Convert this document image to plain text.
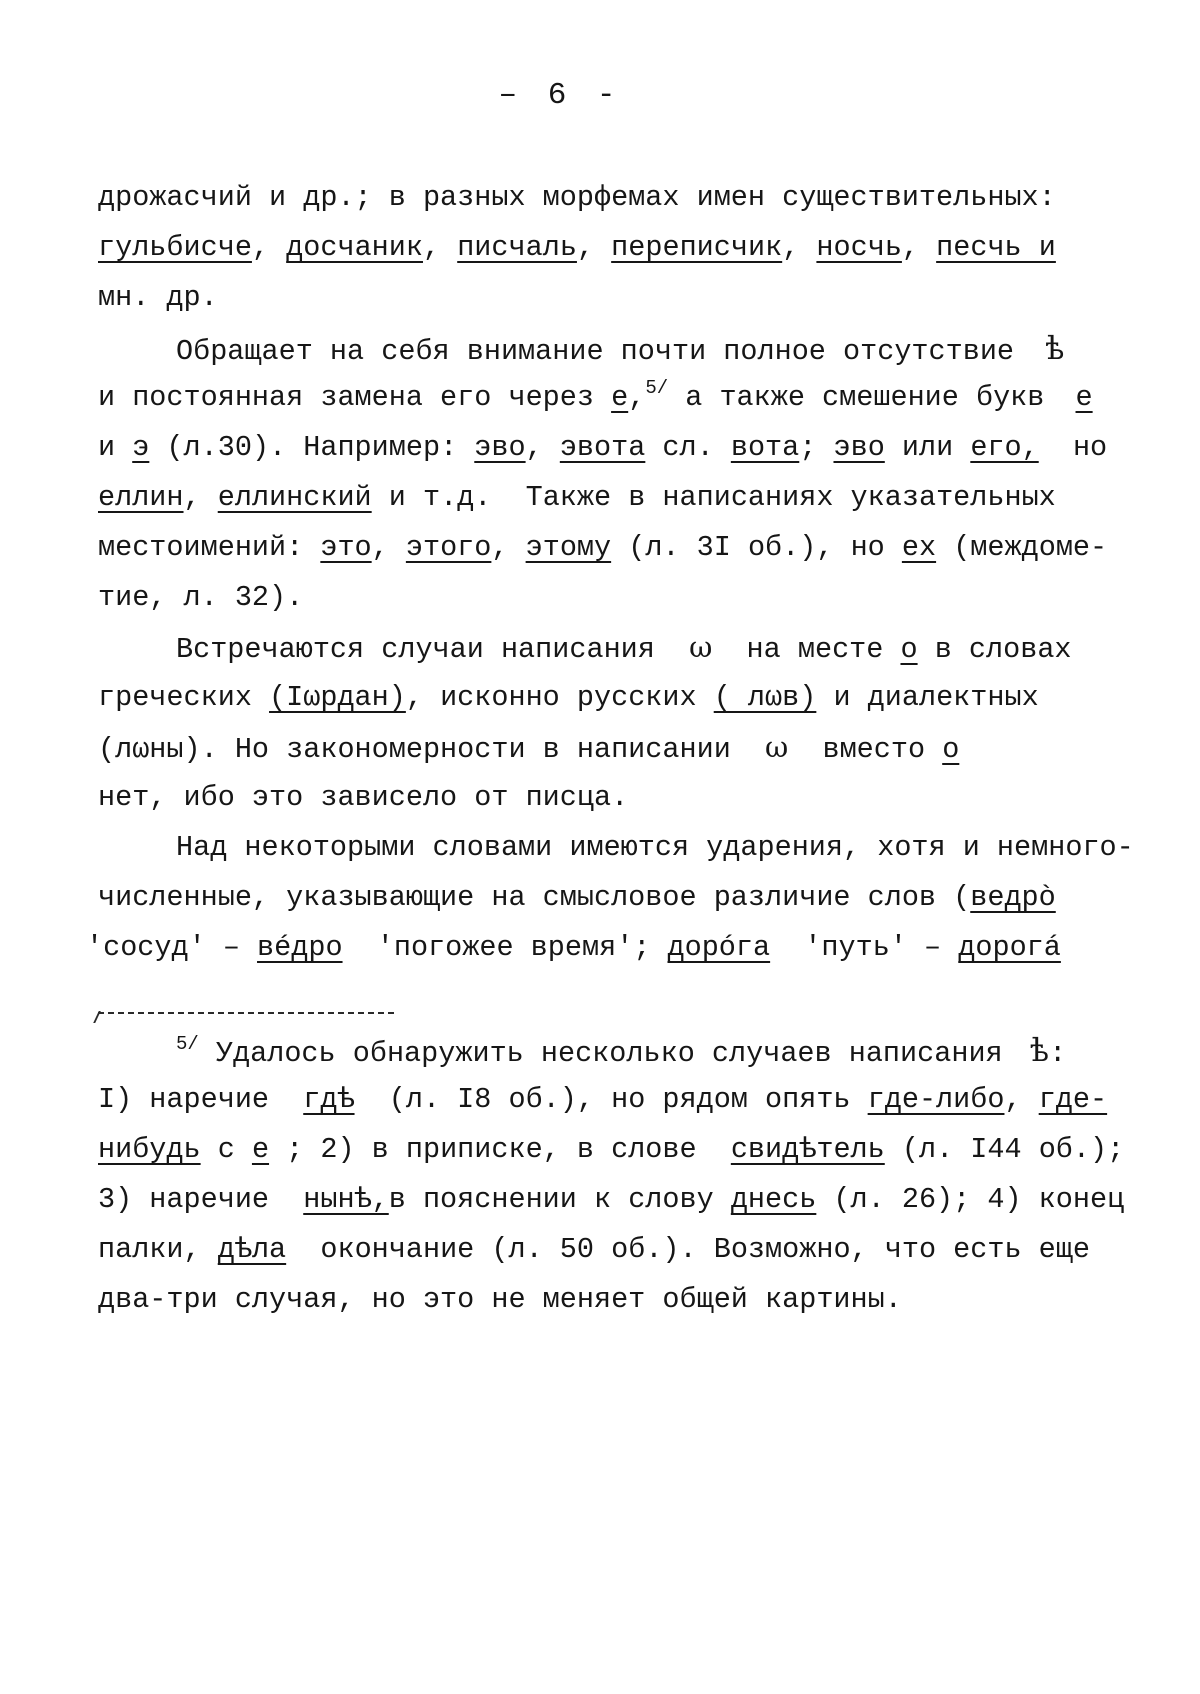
– 6 -
дрожасчий и др.; в разных морфемах имен существительных:
гульбисче, досчаник, писчаль, переписчик, носчь, песчь и
мн. др.
Обращает на себя внимание почти полное отсутствие ѣ
и постоянная замена его через е,$^{5/}$ а также смешение букв е
и э (л.30). Например: эво, эвота сл. вота; эво или его,  но
еллин, еллинский и т.д.  Также в написаниях указательных
местоимений: это, этого, этому (л. 3I об.), но ех (междоме-
тие, л. 32).
Встречаются случаи написания  ω  на месте о в словах
греческих (Іωрдан), исконно русских ( лωв) и диалектных
(лωны). Но закономерности в написании  ω  вместо о
нет, ибо это зависело от писца.
Над некоторыми словами имеются ударения, хотя и немного-
численные, указывающие на смысловое различие слов (ведрò
'сосуд' – вéдро  'погожее время'; дорóга  'путь' – дорогá
$^{5/}$ Удалось обнаружить несколько случаев написания ѣ:
I) наречие  гдѣ  (л. I8 об.), но рядом опять где-либо, где-
нибудь с е ; 2) в приписке, в слове  свидѣтель (л. I44 об.);
3) наречие  нынѣ,в пояснении к слову днесь (л. 26); 4) конец
палки, дѣла  окончание (л. 50 об.). Возможно, что есть еще
два-три случая, но это не меняет общей картины.
